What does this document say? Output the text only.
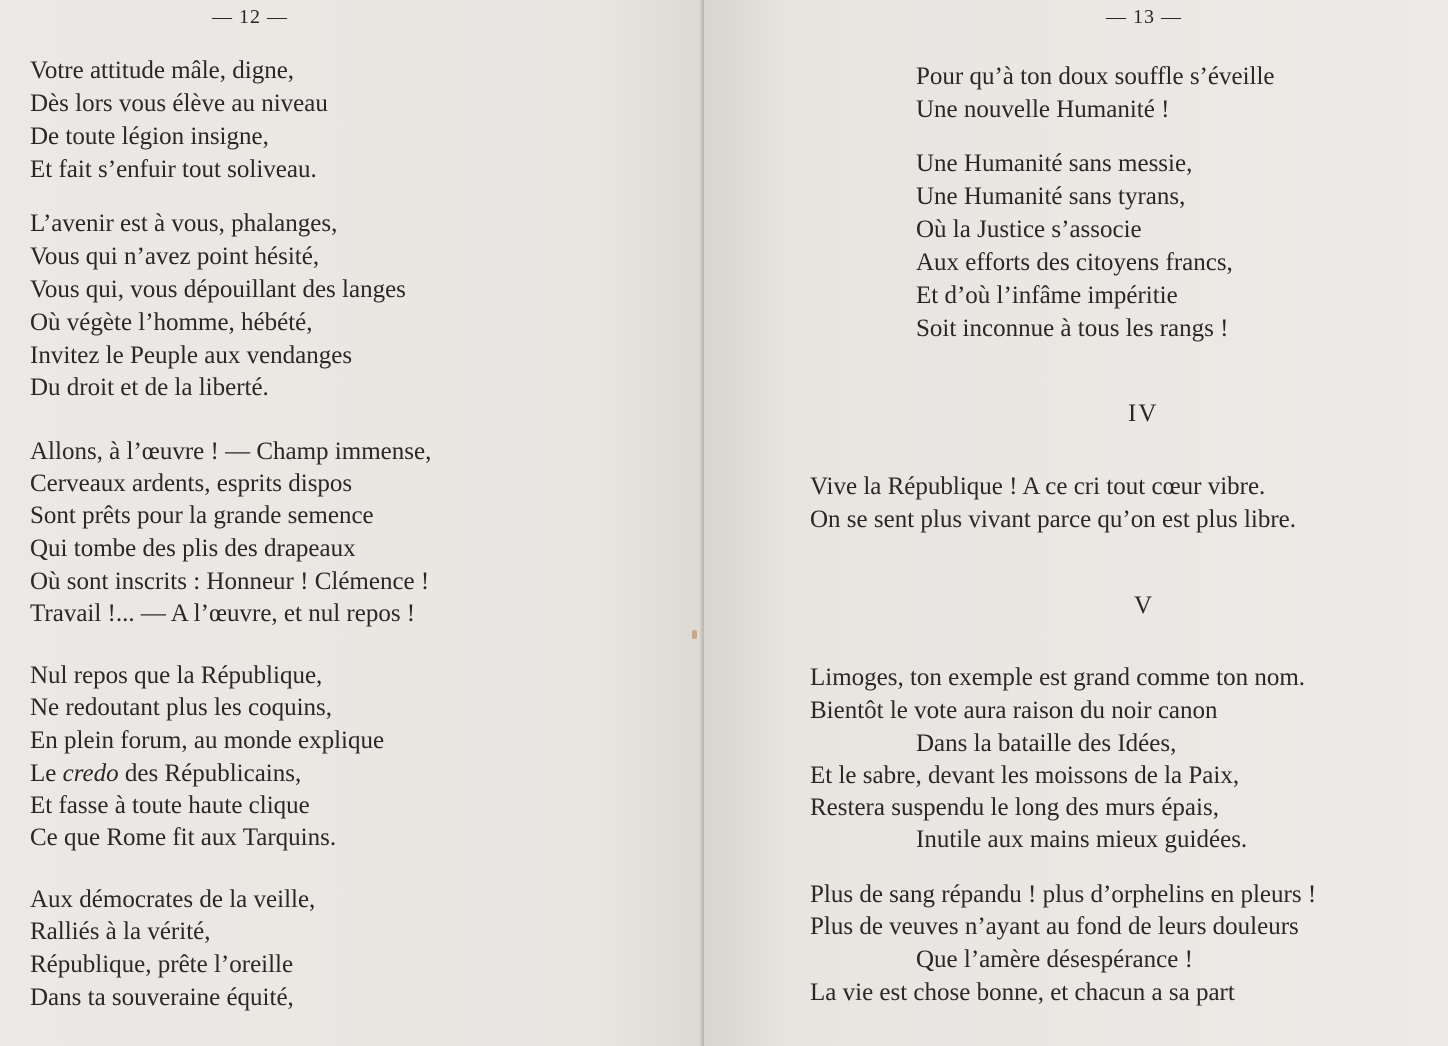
— 12 —
Votre attitude mâle, digne,
Dès lors vous élève au niveau
De toute légion insigne,
Et fait s’enfuir tout soliveau.
L’avenir est à vous, phalanges,
Vous qui n’avez point hésité,
Vous qui, vous dépouillant des langes
Où végète l’homme, hébété,
Invitez le Peuple aux vendanges
Du droit et de la liberté.
Allons, à l’œuvre ! — Champ immense,
Cerveaux ardents, esprits dispos
Sont prêts pour la grande semence
Qui tombe des plis des drapeaux
Où sont inscrits : Honneur ! Clémence !
Travail !... — A l’œuvre, et nul repos !
Nul repos que la République,
Ne redoutant plus les coquins,
En plein forum, au monde explique
Le credo des Républicains,
Et fasse à toute haute clique
Ce que Rome fit aux Tarquins.
Aux démocrates de la veille,
Ralliés à la vérité,
République, prête l’oreille
Dans ta souveraine équité,
— 13 —
Pour qu’à ton doux souffle s’éveille
Une nouvelle Humanité !
Une Humanité sans messie,
Une Humanité sans tyrans,
Où la Justice s’associe
Aux efforts des citoyens francs,
Et d’où l’infâme impéritie
Soit inconnue à tous les rangs !
IV
Vive la République ! A ce cri tout cœur vibre.
On se sent plus vivant parce qu’on est plus libre.
V
Limoges, ton exemple est grand comme ton nom.
Bientôt le vote aura raison du noir canon
Dans la bataille des Idées,
Et le sabre, devant les moissons de la Paix,
Restera suspendu le long des murs épais,
Inutile aux mains mieux guidées.
Plus de sang répandu ! plus d’orphelins en pleurs !
Plus de veuves n’ayant au fond de leurs douleurs
Que l’amère désespérance !
La vie est chose bonne, et chacun a sa part
